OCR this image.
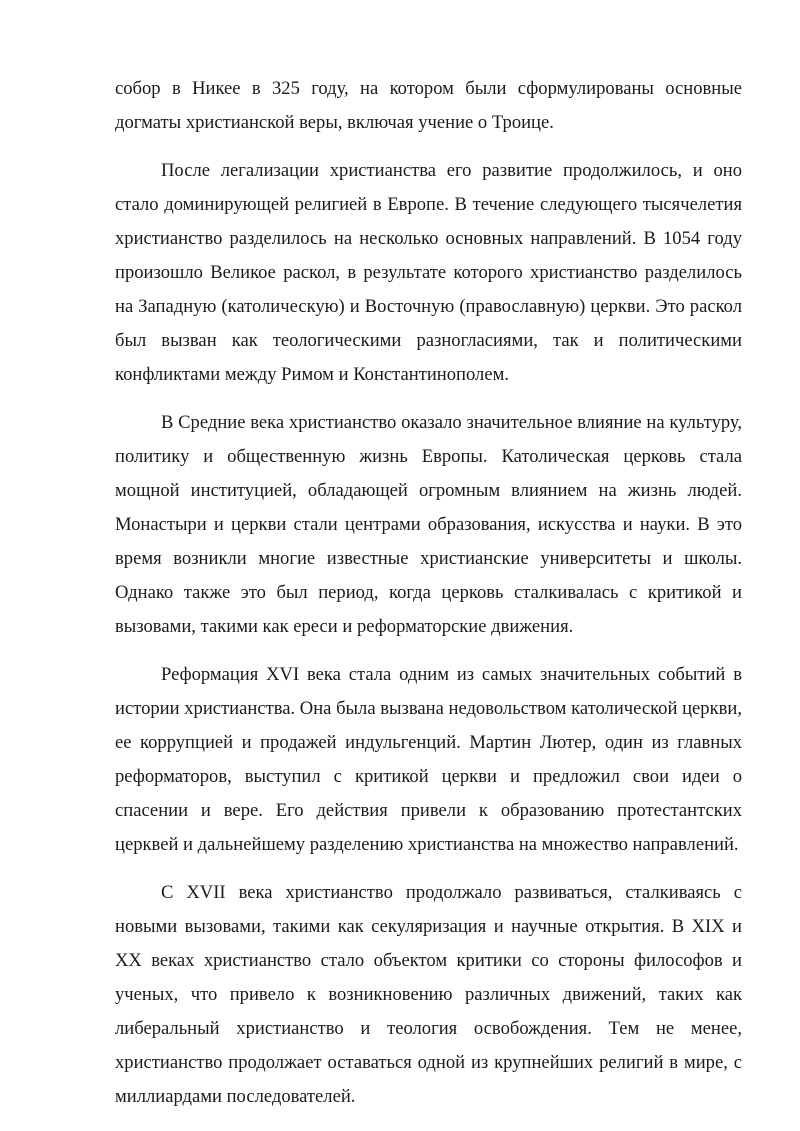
собор в Никее в 325 году, на котором были сформулированы основные догматы христианской веры, включая учение о Троице.

После легализации христианства его развитие продолжилось, и оно стало доминирующей религией в Европе. В течение следующего тысячелетия христианство разделилось на несколько основных направлений. В 1054 году произошло Великое раскол, в результате которого христианство разделилось на Западную (католическую) и Восточную (православную) церкви. Это раскол был вызван как теологическими разногласиями, так и политическими конфликтами между Римом и Константинополем.

В Средние века христианство оказало значительное влияние на культуру, политику и общественную жизнь Европы. Католическая церковь стала мощной институцией, обладающей огромным влиянием на жизнь людей. Монастыри и церкви стали центрами образования, искусства и науки. В это время возникли многие известные христианские университеты и школы. Однако также это был период, когда церковь сталкивалась с критикой и вызовами, такими как ереси и реформаторские движения.

Реформация XVI века стала одним из самых значительных событий в истории христианства. Она была вызвана недовольством католической церкви, ее коррупцией и продажей индульгенций. Мартин Лютер, один из главных реформаторов, выступил с критикой церкви и предложил свои идеи о спасении и вере. Его действия привели к образованию протестантских церквей и дальнейшему разделению христианства на множество направлений.

С XVII века христианство продолжало развиваться, сталкиваясь с новыми вызовами, такими как секуляризация и научные открытия. В XIX и XX веках христианство стало объектом критики со стороны философов и ученых, что привело к возникновению различных движений, таких как либеральный христианство и теология освобождения. Тем не менее, христианство продолжает оставаться одной из крупнейших религий в мире, с миллиардами последователей.
